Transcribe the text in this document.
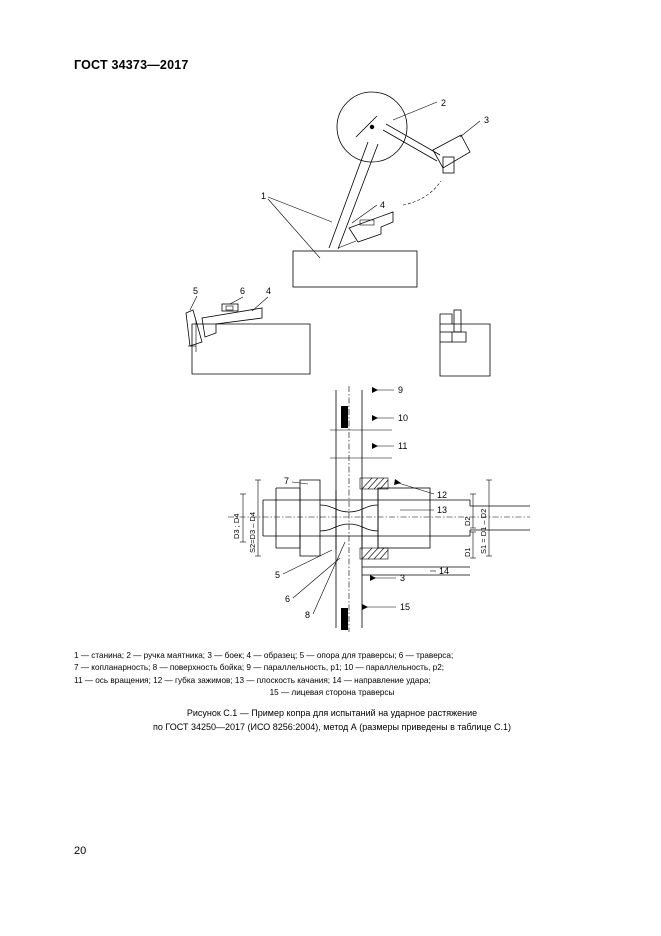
ГОСТ 34373—2017
2
3
4
1
5	6 4
D3 ; D4 S2=D3 – D4	S1 = D1 – D2
D2
D1
9
10
11
7
12
13
5
6
8
3
15
14
1 — станина; 2 — ручка маятника; 3 — боек; 4 — образец; 5 — опора для траверсы; 6 — траверса;
7 — копланарность; 8 — поверхность бойка; 9 — параллельность, p1; 10 — параллельность, p2;
11 — ось вращения; 12 — губка зажимов; 13 — плоскость качания; 14 — направление удара;
15 — лицевая сторона траверсы
Рисунок С.1 — Пример копра для испытаний на ударное растяжение
по ГОСТ 34250—2017 (ИСО 8256:2004), метод А (размеры приведены в таблице С.1)
20
